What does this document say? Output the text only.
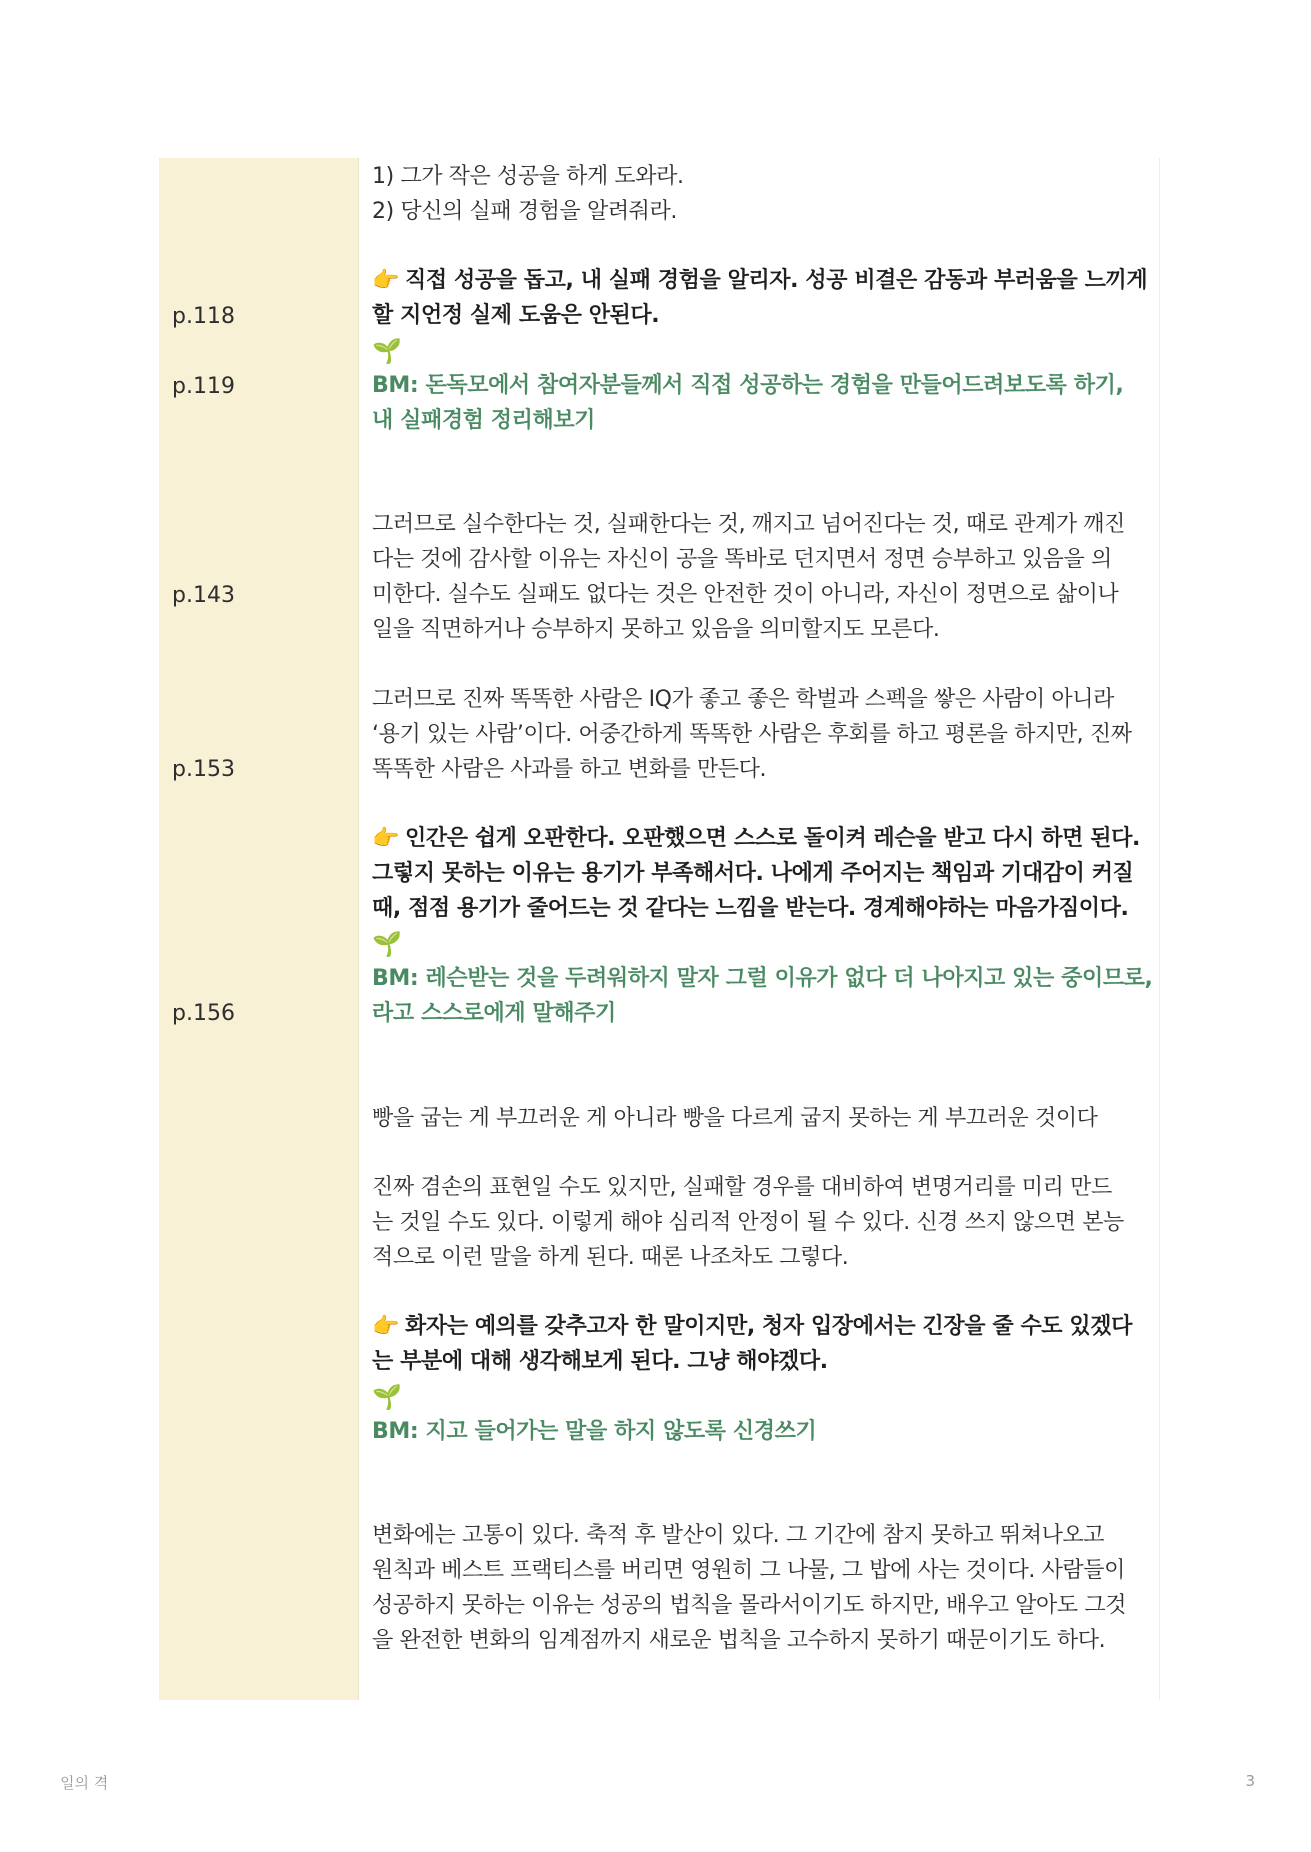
p.118
p.119
p.143
p.153
p.156
1) 그가 작은 성공을 하게 도와라.
2) 당신의 실패 경험을 알려줘라.
👉 직접 성공을 돕고, 내 실패 경험을 알리자. 성공 비결은 감동과 부러움을 느끼게
할 지언정 실제 도움은 안된다.
🌱
BM: 돈독모에서 참여자분들께서 직접 성공하는 경험을 만들어드려보도록 하기,
내 실패경험 정리해보기
그러므로 실수한다는 것, 실패한다는 것, 깨지고 넘어진다는 것, 때로 관계가 깨진
다는 것에 감사할 이유는 자신이 공을 똑바로 던지면서 정면 승부하고 있음을 의
미한다. 실수도 실패도 없다는 것은 안전한 것이 아니라, 자신이 정면으로 삶이나
일을 직면하거나 승부하지 못하고 있음을 의미할지도 모른다.
그러므로 진짜 똑똑한 사람은 IQ가 좋고 좋은 학벌과 스펙을 쌓은 사람이 아니라
‘용기 있는 사람’이다. 어중간하게 똑똑한 사람은 후회를 하고 평론을 하지만, 진짜
똑똑한 사람은 사과를 하고 변화를 만든다.
👉 인간은 쉽게 오판한다. 오판했으면 스스로 돌이켜 레슨을 받고 다시 하면 된다.
그렇지 못하는 이유는 용기가 부족해서다. 나에게 주어지는 책임과 기대감이 커질
때, 점점 용기가 줄어드는 것 같다는 느낌을 받는다. 경계해야하는 마음가짐이다.
🌱
BM: 레슨받는 것을 두려워하지 말자 그럴 이유가 없다 더 나아지고 있는 중이므로,
라고 스스로에게 말해주기
빵을 굽는 게 부끄러운 게 아니라 빵을 다르게 굽지 못하는 게 부끄러운 것이다
진짜 겸손의 표현일 수도 있지만, 실패할 경우를 대비하여 변명거리를 미리 만드
는 것일 수도 있다. 이렇게 해야 심리적 안정이 될 수 있다. 신경 쓰지 않으면 본능
적으로 이런 말을 하게 된다. 때론 나조차도 그렇다.
👉 화자는 예의를 갖추고자 한 말이지만, 청자 입장에서는 긴장을 줄 수도 있겠다
는 부분에 대해 생각해보게 된다. 그냥 해야겠다.
🌱
BM: 지고 들어가는 말을 하지 않도록 신경쓰기
변화에는 고통이 있다. 축적 후 발산이 있다. 그 기간에 참지 못하고 뛰쳐나오고
원칙과 베스트 프랙티스를 버리면 영원히 그 나물, 그 밥에 사는 것이다. 사람들이
성공하지 못하는 이유는 성공의 법칙을 몰라서이기도 하지만, 배우고 알아도 그것
을 완전한 변화의 임계점까지 새로운 법칙을 고수하지 못하기 때문이기도 하다.
일의 격	3
